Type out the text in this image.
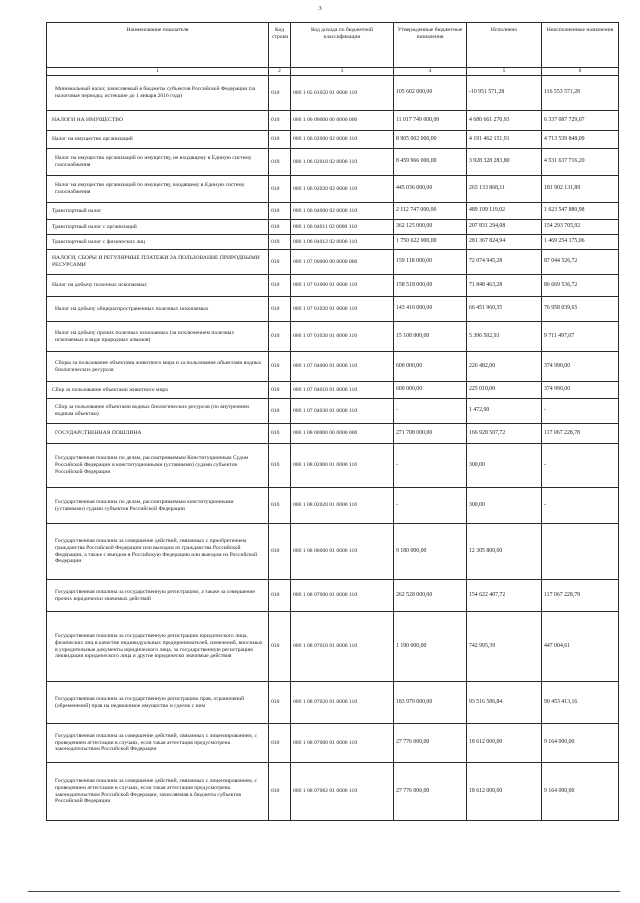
3
Наименование показателя	Код строки	Код дохода по бюджетной классификации	Утвержденные бюджетные назначения	Исполнено	Неисполненные назначения
1	2	3	4	5	6
Минимальный налог, зачисляемый в бюджеты субъектов Российской Федерации (за налоговые периоды, истекшие до 1 января 2016 года)	010	000 1 05 01050 01 0000 110	105 602 000,00	-10 951 571,28	116 553 571,28
НАЛОГИ НА ИМУЩЕСТВО	010	000 1 06 00000 00 0000 000	11 017 749 000,00	4 680 661 270,93	6 337 087 729,07
Налог на имущество организаций	010	000 1 06 02000 02 0000 110	8 905 002 000,00	4 191 462 151,91	4 713 539 848,09
Налог на имущество организаций по имуществу, не входящему в Единую систему газоснабжения	010	000 1 06 02010 02 0000 110	8 459 966 000,00	3 928 328 283,80	4 531 637 716,20
Налог на имущество организаций по имуществу, входящему в Единую систему газоснабжения	010	000 1 06 02020 02 0000 110	445 036 000,00	263 133 868,11	181 902 131,89
Транспортный налог	010	000 1 06 04000 02 0000 110	2 112 747 000,00	489 199 119,02	1 623 547 880,98
Транспортный налог с организаций	010	000 1 06 04011 02 0000 110	362 125 000,00	207 831 294,08	154 293 705,92
Транспортный налог с физических лиц	010	000 1 06 04012 02 0000 110	1 750 622 000,00	281 367 824,94	1 469 254 175,06
НАЛОГИ, СБОРЫ И РЕГУЛЯРНЫЕ ПЛАТЕЖИ ЗА ПОЛЬЗОВАНИЕ ПРИРОДНЫМИ РЕСУРСАМИ	010	000 1 07 00000 00 0000 000	159 118 000,00	72 074 945,28	87 044 526,72
Налог на добычу полезных ископаемых	010	000 1 07 01000 01 0000 110	158 518 000,00	71 848 463,28	86 669 536,72
Налог на добычу общераспространенных полезных ископаемых	010	000 1 07 01020 01 0000 110	143 410 000,00	66 451 960,35	76 958 039,65
Налог на добычу прочих полезных ископаемых (за исключением полезных ископаемых в виде природных алмазов)	010	000 1 07 01030 01 0000 110	15 108 000,00	5 396 502,93	9 711 497,07
Сборы за пользование объектами животного мира и за пользование объектами водных биологических ресурсов	010	000 1 07 04000 01 0000 110	600 000,00	226 482,00	374 990,00
Сбор за пользование объектами животного мира	010	000 1 07 04010 01 0000 110	600 000,00	225 010,00	374 990,00
Сбор за пользование объектами водных биологических ресурсов (по внутренним водным объектам)	010	000 1 07 04030 01 0000 110	-	1 472,00	-
ГОСУДАРСТВЕННАЯ ПОШЛИНА	010	000 1 08 00000 00 0000 000	271 708 000,00	166 928 507,72	117 067 228,78
Государственная пошлина по делам, рассматриваемым Конституционным Судом Российской Федерации и конституционными (уставными) судами субъектов Российской Федерации	010	000 1 08 02000 01 0000 110	-	300,00	-
Государственная пошлина по делам, рассматриваемым конституционными (уставными) судами субъектов Российской Федерации	010	000 1 08 02020 01 0000 110	-	300,00	-
Государственная пошлина за совершение действий, связанных с приобретением гражданства Российской Федерации или выходом из гражданства Российской Федерации, а также с въездом в Российскую Федерацию или выездом из Российской Федерации	010	000 1 08 06000 01 0000 110	9 180 000,00	12 305 800,00	
Государственная пошлина за государственную регистрацию, а также за совершение прочих юридически значимых действий	010	000 1 08 07000 01 0000 110	262 528 000,00	154 622 407,72	117 067 228,78
Государственная пошлина за государственную регистрацию юридического лица, физических лиц в качестве индивидуальных предпринимателей, изменений, вносимых в учредительные документы юридического лица, за государственную регистрацию ликвидации юридического лица и другие юридически значимые действия	010	000 1 08 07010 01 0000 110	1 190 000,00	742 995,39	447 004,61
Государственная пошлина за государственную регистрацию прав, ограничений (обременений) прав на недвижимое имущество и сделок с ним	010	000 1 08 07020 01 0000 110	183 970 000,00	93 516 586,84	90 453 413,16
Государственная пошлина за совершение действий, связанных с лицензированием, с проведением аттестации в случаях, если такая аттестация предусмотрена законодательством Российской Федерации	010	000 1 08 07080 01 0000 110	27 776 000,00	18 612 000,00	9 164 000,00
Государственная пошлина за совершение действий, связанных с лицензированием, с проведением аттестации в случаях, если такая аттестация предусмотрена законодательством Российской Федерации, зачисляемая в бюджеты субъектов Российской Федерации	010	000 1 08 07082 01 0000 110	27 776 000,00	18 612 000,00	9 164 000,00
